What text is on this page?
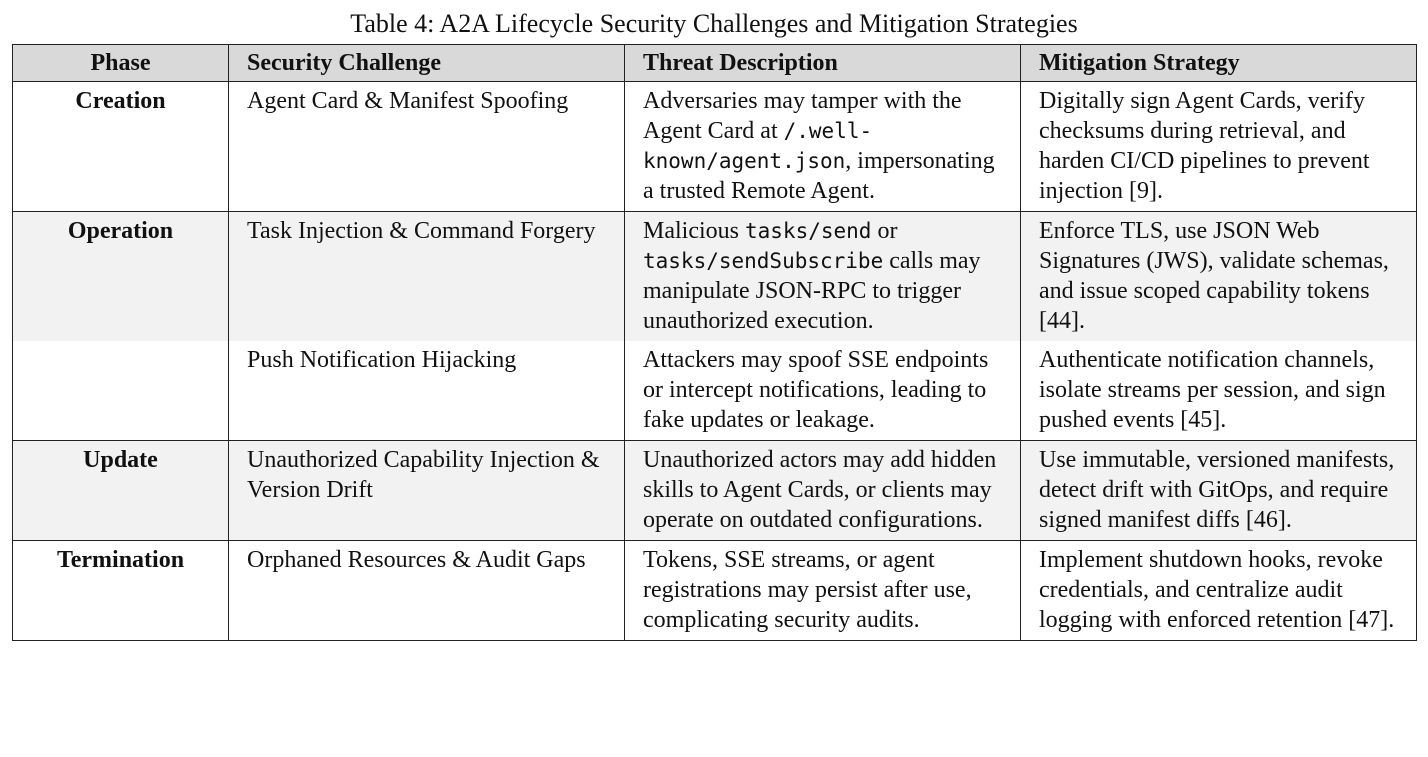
Table 4: A2A Lifecycle Security Challenges and Mitigation Strategies
Phase	Security Challenge	Threat Description	Mitigation Strategy
Creation	Agent Card & Manifest Spoofing	Adversaries may tamper with the Agent Card at /.well-known/agent.json, impersonating a trusted Remote Agent.	Digitally sign Agent Cards, verify checksums during retrieval, and harden CI/CD pipelines to prevent injection [9].
Operation	Task Injection & Command Forgery	Malicious tasks/send or tasks/sendSubscribe calls may manipulate JSON-RPC to trigger unauthorized execution.	Enforce TLS, use JSON Web Signatures (JWS), validate schemas, and issue scoped capability tokens [44].
	Push Notification Hijacking	Attackers may spoof SSE endpoints or intercept notifications, leading to fake updates or leakage.	Authenticate notification channels, isolate streams per session, and sign pushed events [45].
Update	Unauthorized Capability Injection & Version Drift	Unauthorized actors may add hidden skills to Agent Cards, or clients may operate on outdated configurations.	Use immutable, versioned manifests, detect drift with GitOps, and require signed manifest diffs [46].
Termination	Orphaned Resources & Audit Gaps	Tokens, SSE streams, or agent registrations may persist after use, complicating security audits.	Implement shutdown hooks, revoke credentials, and centralize audit logging with enforced retention [47].
